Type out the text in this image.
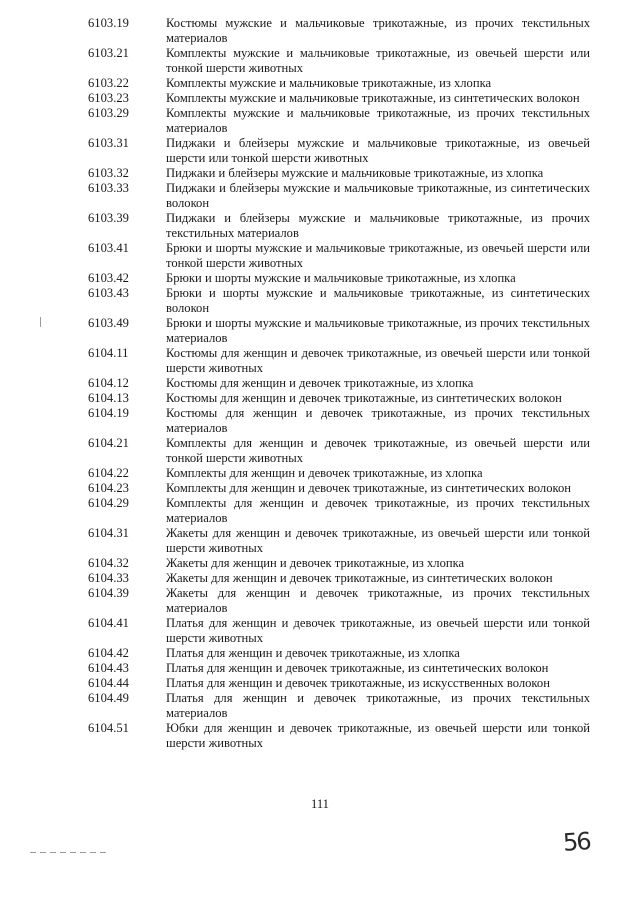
6103.19	Костюмы мужские и мальчиковые трикотажные, из прочих текстильных материалов
6103.21	Комплекты мужские и мальчиковые трикотажные, из овечьей шерсти или тонкой шерсти животных
6103.22	Комплекты мужские и мальчиковые трикотажные, из хлопка
6103.23	Комплекты мужские и мальчиковые трикотажные, из синтетических волокон
6103.29	Комплекты мужские и мальчиковые трикотажные, из прочих текстильных материалов
6103.31	Пиджаки и блейзеры мужские и мальчиковые трикотажные, из овечьей шерсти или тонкой шерсти животных
6103.32	Пиджаки и блейзеры мужские и мальчиковые трикотажные, из хлопка
6103.33	Пиджаки и блейзеры мужские и мальчиковые трикотажные, из синтетических волокон
6103.39	Пиджаки и блейзеры мужские и мальчиковые трикотажные, из прочих текстильных материалов
6103.41	Брюки и шорты мужские и мальчиковые трикотажные, из овечьей шерсти или тонкой шерсти животных
6103.42	Брюки и шорты мужские и мальчиковые трикотажные, из хлопка
6103.43	Брюки и шорты мужские и мальчиковые трикотажные, из синтетических волокон
6103.49	Брюки и шорты мужские и мальчиковые трикотажные, из прочих текстильных материалов
6104.11	Костюмы для женщин и девочек трикотажные, из овечьей шерсти или тонкой шерсти животных
6104.12	Костюмы для женщин и девочек трикотажные, из хлопка
6104.13	Костюмы для женщин и девочек трикотажные, из синтетических волокон
6104.19	Костюмы для женщин и девочек трикотажные, из прочих текстильных материалов
6104.21	Комплекты для женщин и девочек трикотажные, из овечьей шерсти или тонкой шерсти животных
6104.22	Комплекты для женщин и девочек трикотажные, из хлопка
6104.23	Комплекты для женщин и девочек трикотажные, из синтетических волокон
6104.29	Комплекты для женщин и девочек трикотажные, из прочих текстильных материалов
6104.31	Жакеты для женщин и девочек трикотажные, из овечьей шерсти или тонкой шерсти животных
6104.32	Жакеты для женщин и девочек трикотажные, из хлопка
6104.33	Жакеты для женщин и девочек трикотажные, из синтетических волокон
6104.39	Жакеты для женщин и девочек трикотажные, из прочих текстильных материалов
6104.41	Платья для женщин и девочек трикотажные, из овечьей шерсти или тонкой шерсти животных
6104.42	Платья для женщин и девочек трикотажные, из хлопка
6104.43	Платья для женщин и девочек трикотажные, из синтетических волокон
6104.44	Платья для женщин и девочек трикотажные, из искусственных волокон
6104.49	Платья для женщин и девочек трикотажные, из прочих текстильных материалов
6104.51	Юбки для женщин и девочек трикотажные, из овечьей шерсти или тонкой шерсти животных
111
56
